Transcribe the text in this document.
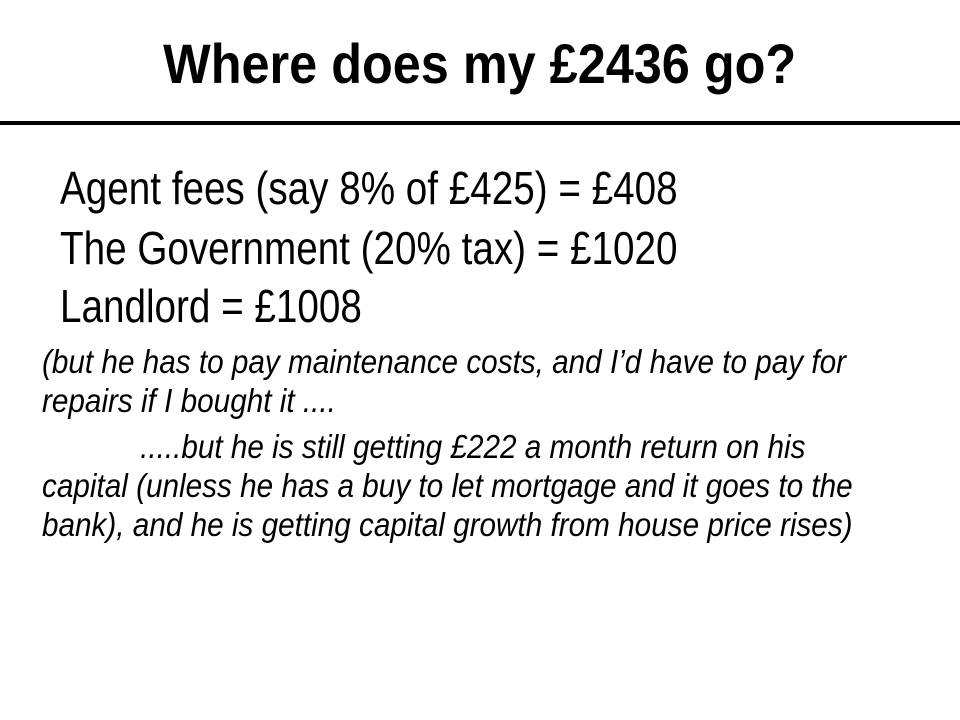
Where does my £2436 go?
Agent fees (say 8% of £425) = £408
The Government (20% tax) = £1020
Landlord = £1008
(but he has to pay maintenance costs, and I’d have to pay for
repairs if I bought it ....
.....but he is still getting £222 a month return on his
capital (unless he has a buy to let mortgage and it goes to the
bank), and he is getting capital growth from house price rises)
